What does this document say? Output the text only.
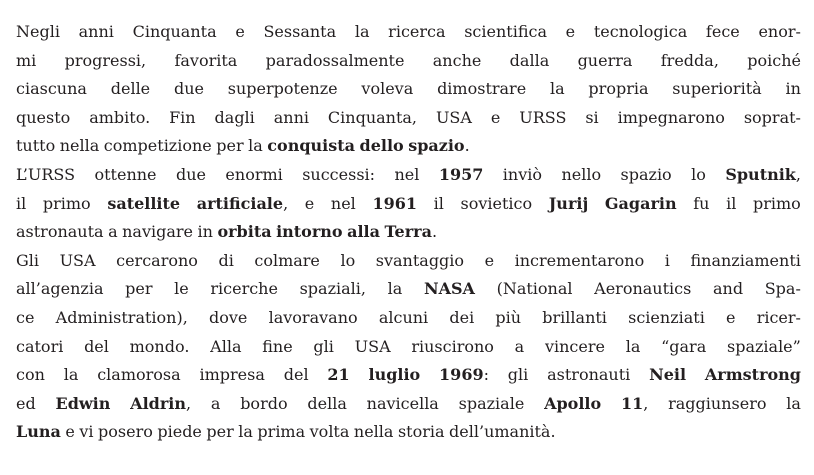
Negli anni Cinquanta e Sessanta la ricerca scientifica e tecnologica fece enor-
mi progressi, favorita paradossalmente anche dalla guerra fredda, poiché
ciascuna delle due superpotenze voleva dimostrare la propria superiorità in
questo ambito. Fin dagli anni Cinquanta, USA e URSS si impegnarono soprat-
tutto nella competizione per la conquista dello spazio.
L’URSS ottenne due enormi successi: nel 1957 inviò nello spazio lo Sputnik,
il primo satellite artificiale, e nel 1961 il sovietico Jurij Gagarin fu il primo
astronauta a navigare in orbita intorno alla Terra.
Gli USA cercarono di colmare lo svantaggio e incrementarono i finanziamenti
all’agenzia per le ricerche spaziali, la NASA (National Aeronautics and Spa-
ce Administration), dove lavoravano alcuni dei più brillanti scienziati e ricer-
catori del mondo. Alla fine gli USA riuscirono a vincere la “gara spaziale”
con la clamorosa impresa del 21 luglio 1969: gli astronauti Neil Armstrong
ed Edwin Aldrin, a bordo della navicella spaziale Apollo 11, raggiunsero la
Luna e vi posero piede per la prima volta nella storia dell’umanità.
